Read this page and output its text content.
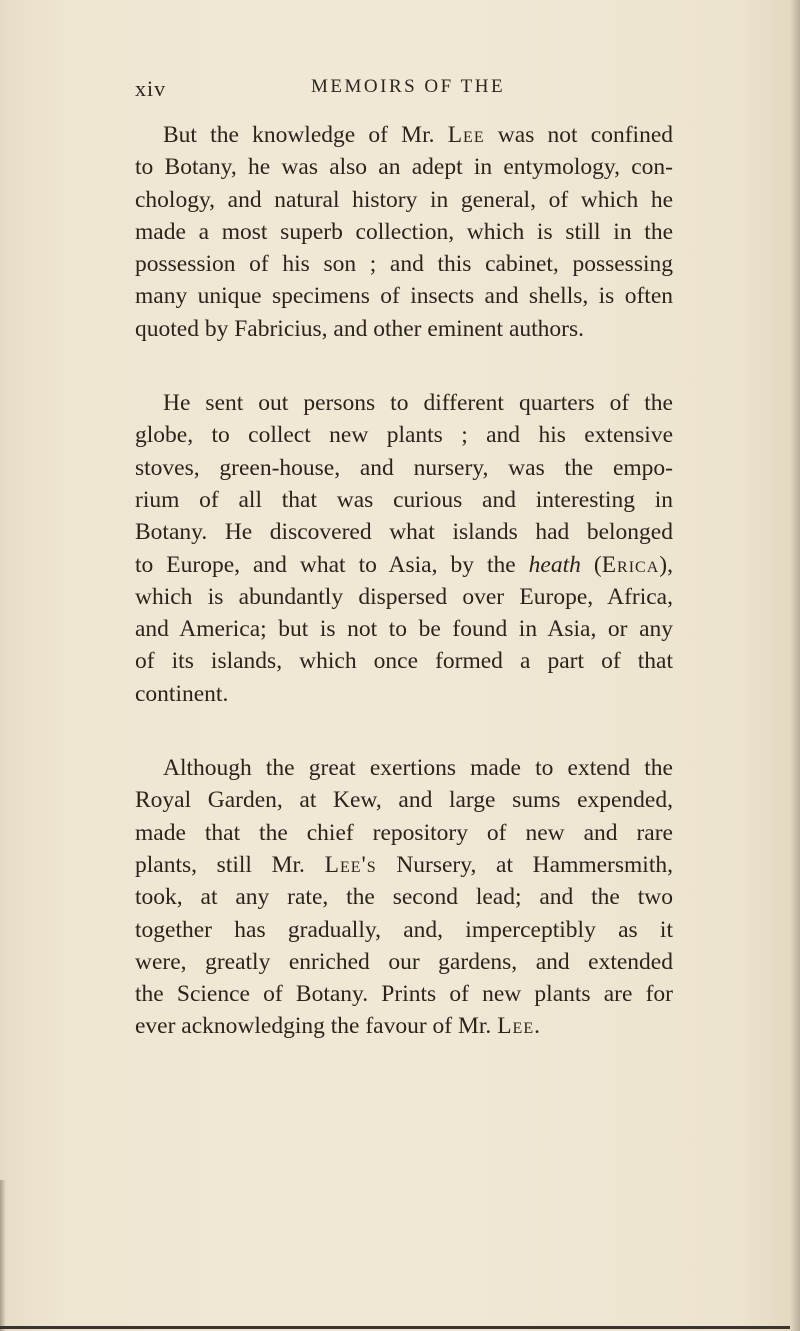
xiv	MEMOIRS OF THE
But the knowledge of Mr. Lee was not confined
to Botany, he was also an adept in entymology, con-
chology, and natural history in general, of which he
made a most superb collection, which is still in the
possession of his son ; and this cabinet, possessing
many unique specimens of insects and shells, is often
quoted by Fabricius, and other eminent authors.
He sent out persons to different quarters of the
globe, to collect new plants ; and his extensive
stoves, green-house, and nursery, was the empo-
rium of all that was curious and interesting in
Botany. He discovered what islands had belonged
to Europe, and what to Asia, by the heath (Erica),
which is abundantly dispersed over Europe, Africa,
and America; but is not to be found in Asia, or any
of its islands, which once formed a part of that
continent.
Although the great exertions made to extend the
Royal Garden, at Kew, and large sums expended,
made that the chief repository of new and rare
plants, still Mr. Lee's Nursery, at Hammersmith,
took, at any rate, the second lead; and the two
together has gradually, and, imperceptibly as it
were, greatly enriched our gardens, and extended
the Science of Botany. Prints of new plants are for
ever acknowledging the favour of Mr. Lee.
